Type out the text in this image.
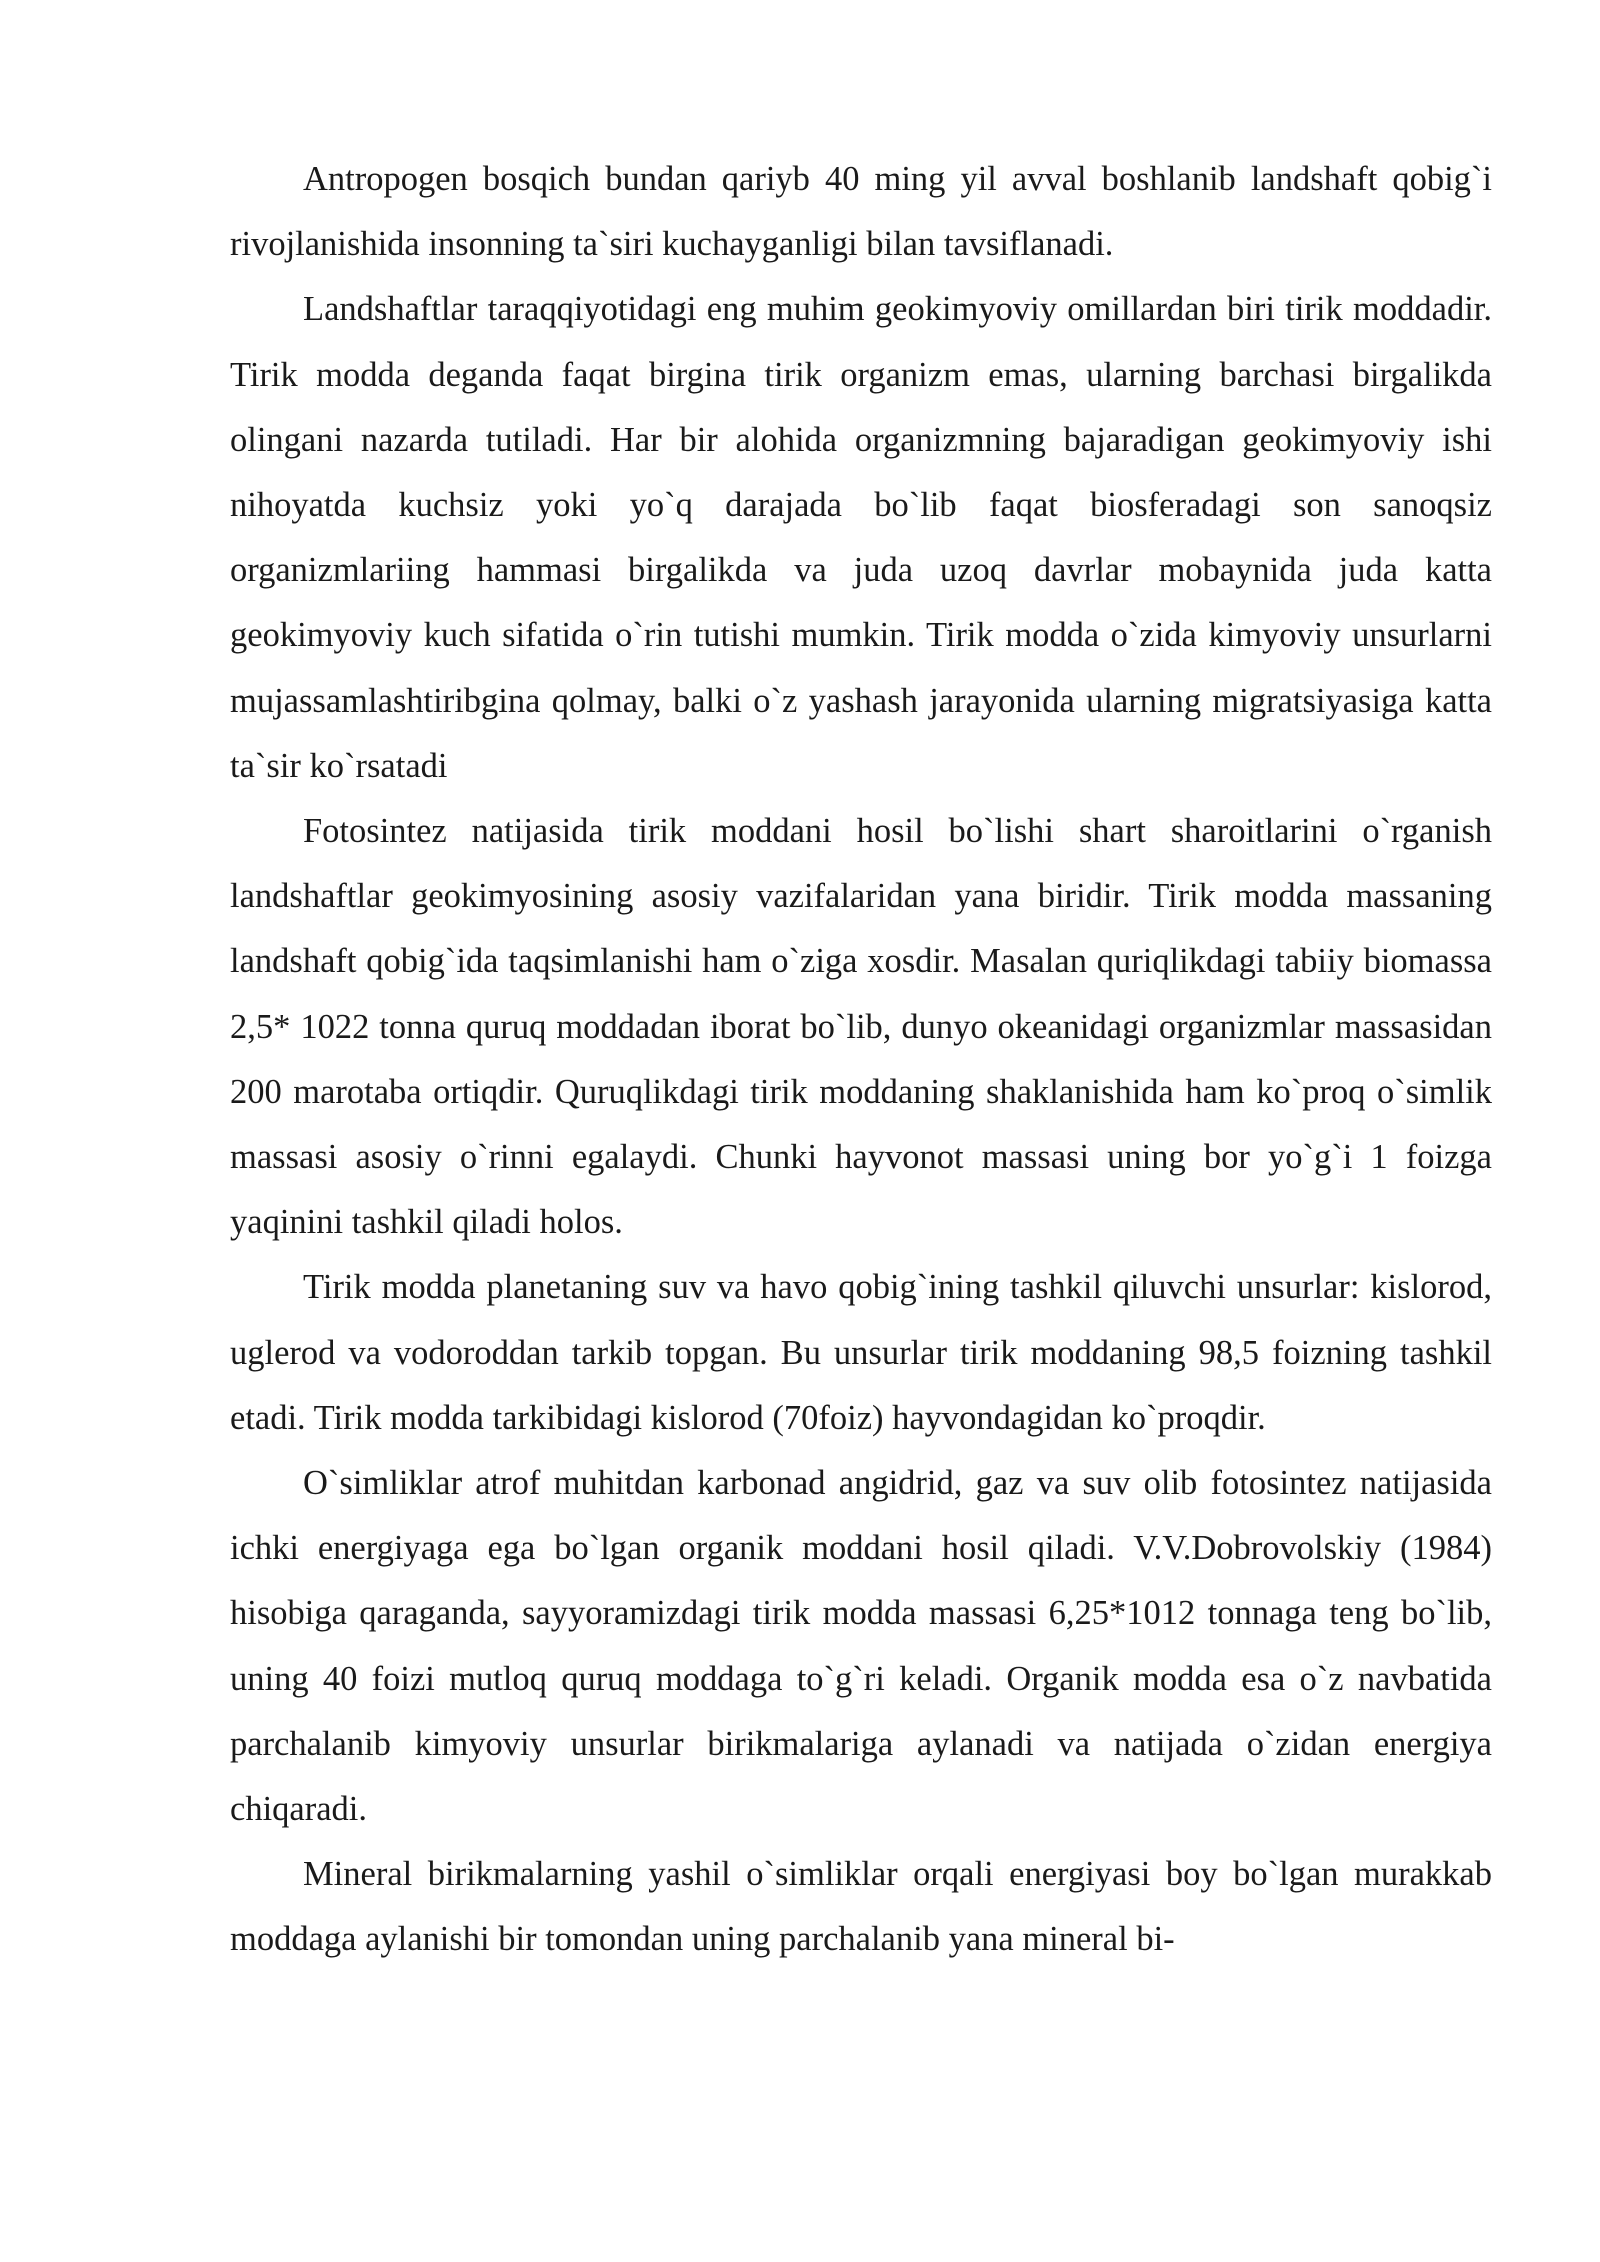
Antropogen bosqich bundan qariyb 40 ming yil avval boshlanib landshaft qobig`i rivojlanishida insonning ta`siri kuchayganligi bilan tavsiflanadi.

Landshaftlar taraqqiyotidagi eng muhim geokimyoviy omillardan biri tirik moddadir. Tirik modda deganda faqat birgina tirik organizm emas, ularning barchasi birgalikda olingani nazarda tutiladi. Har bir alohida organizmning bajaradigan geokimyoviy ishi nihoyatda kuchsiz yoki yo`q darajada bo`lib faqat biosferadagi son sanoqsiz organizmlariing hammasi birgalikda va juda uzoq davrlar mobaynida juda katta geokimyoviy kuch sifatida o`rin tutishi mumkin. Tirik modda o`zida kimyoviy unsurlarni mujassamlashtiribgina qolmay, balki o`z yashash jarayonida ularning migratsiyasiga katta ta`sir ko`rsatadi

Fotosintez natijasida tirik moddani hosil bo`lishi shart sharoitlarini o`rganish landshaftlar geokimyosining asosiy vazifalaridan yana biridir. Tirik modda massaning landshaft qobig`ida taqsimlanishi ham o`ziga xosdir. Masalan quriqlikdagi tabiiy biomassa 2,5* 1022 tonna quruq moddadan iborat bo`lib, dunyo okeanidagi organizmlar massasidan 200 marotaba ortiqdir. Quruqlikdagi tirik moddaning shaklanishida ham ko`proq o`simlik massasi asosiy o`rinni egalaydi. Chunki hayvonot massasi uning bor yo`g`i 1 foizga yaqinini tashkil qiladi holos.

Tirik modda planetaning suv va havo qobig`ining tashkil qiluvchi unsurlar: kislorod, uglerod va vodoroddan tarkib topgan. Bu unsurlar tirik moddaning 98,5 foizning tashkil etadi. Tirik modda tarkibidagi kislorod (70foiz) hayvondagidan ko`proqdir.

O`simliklar atrof muhitdan karbonad angidrid, gaz va suv olib fotosintez natijasida ichki energiyaga ega bo`lgan organik moddani hosil qiladi. V.V.Dobrovolskiy (1984) hisobiga qaraganda, sayyoramizdagi tirik modda massasi 6,25*1012 tonnaga teng bo`lib, uning 40 foizi mutloq quruq moddaga to`g`ri keladi. Organik modda esa o`z navbatida parchalanib kimyoviy unsurlar birikmalariga aylanadi va natijada o`zidan energiya chiqaradi.

Mineral birikmalarning yashil o`simliklar orqali energiyasi boy bo`lgan murakkab moddaga aylanishi bir tomondan uning parchalanib yana mineral bi-
